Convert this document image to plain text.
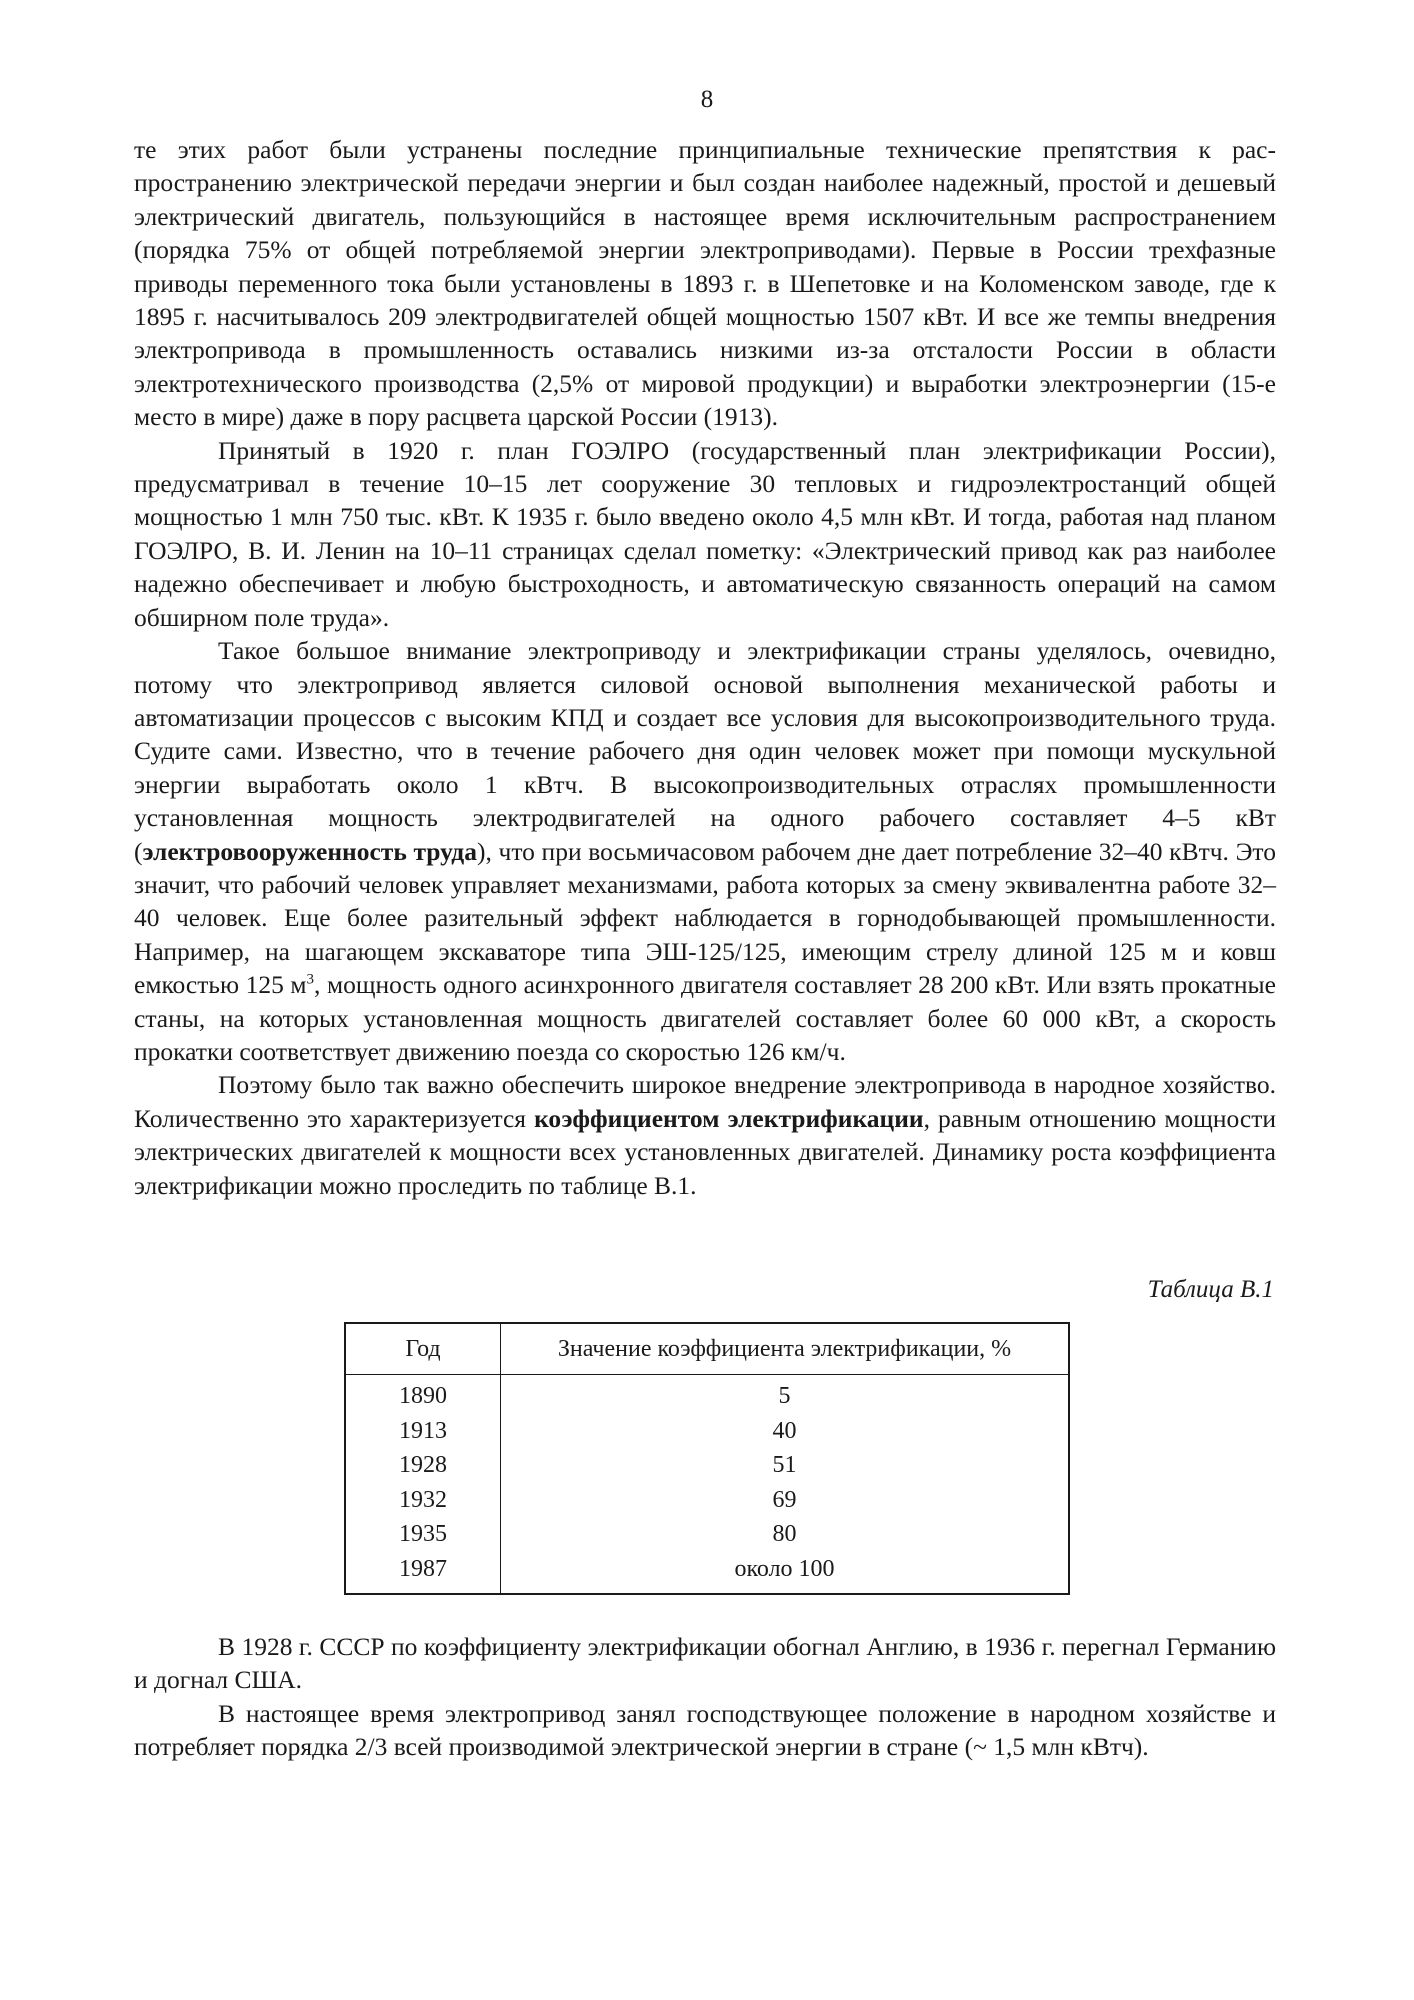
8

те этих работ были устранены последние принципиальные технические препятствия к распространению электрической передачи энергии и был создан наиболее надежный, простой и дешевый электрический двигатель, пользующийся в настоящее время исключительным распространением (порядка 75% от общей потребляемой энергии электроприводами). Первые в России трехфазные приводы переменного тока были установлены в 1893 г. в Шепетовке и на Коломенском заводе, где к 1895 г. насчитывалось 209 электродвигателей общей мощностью 1507 кВт. И все же темпы внедрения электропривода в промышленность оставались низкими из-за отсталости России в области электротехнического производства (2,5% от мировой продукции) и выработки электроэнергии (15-е место в мире) даже в пору расцвета царской России (1913).

Принятый в 1920 г. план ГОЭЛРО (государственный план электрификации России), предусматривал в течение 10–15 лет сооружение 30 тепловых и гидроэлектростанций общей мощностью 1 млн 750 тыс. кВт. К 1935 г. было введено около 4,5 млн кВт. И тогда, работая над планом ГОЭЛРО, В. И. Ленин на 10–11 страницах сделал пометку: «Электрический привод как раз наиболее надежно обеспечивает и любую быстроходность, и автоматическую связанность операций на самом обширном поле труда».

Такое большое внимание электроприводу и электрификации страны уделялось, очевидно, потому что электропривод является силовой основой выполнения механической работы и автоматизации процессов с высоким КПД и создает все условия для высокопроизводительного труда. Судите сами. Известно, что в течение рабочего дня один человек может при помощи мускульной энергии выработать около 1 кВтч. В высокопроизводительных отраслях промышленности установленная мощность электродвигателей на одного рабочего составляет 4–5 кВт (электровооруженность труда), что при восьмичасовом рабочем дне дает потребление 32–40 кВтч. Это значит, что рабочий человек управляет механизмами, работа которых за смену эквивалентна работе 32–40 человек. Еще более разительный эффект наблюдается в горнодобывающей промышленности. Например, на шагающем экскаваторе типа ЭШ-125/125, имеющим стрелу длиной 125 м и ковш емкостью 125 $м^3$, мощность одного асинхронного двигателя составляет 28 200 кВт. Или взять прокатные станы, на которых установленная мощность двигателей составляет более 60 000 кВт, а скорость прокатки соответствует движению поезда со скоростью 126 км/ч.

Поэтому было так важно обеспечить широкое внедрение электропривода в народное хозяйство. Количественно это характеризуется коэффициентом электрификации, равным отношению мощности электрических двигателей к мощности всех установленных двигателей. Динамику роста коэффициента электрификации можно проследить по таблице В.1.

Таблица В.1
Год	Значение коэффициента электрификации, %
1890	5
1913	40
1928	51
1932	69
1935	80
1987	около 100

В 1928 г. СССР по коэффициенту электрификации обогнал Англию, в 1936 г. перегнал Германию и догнал США.

В настоящее время электропривод занял господствующее положение в народном хозяйстве и потребляет порядка 2/3 всей производимой электрической энергии в стране (~ 1,5 млн кВтч).
